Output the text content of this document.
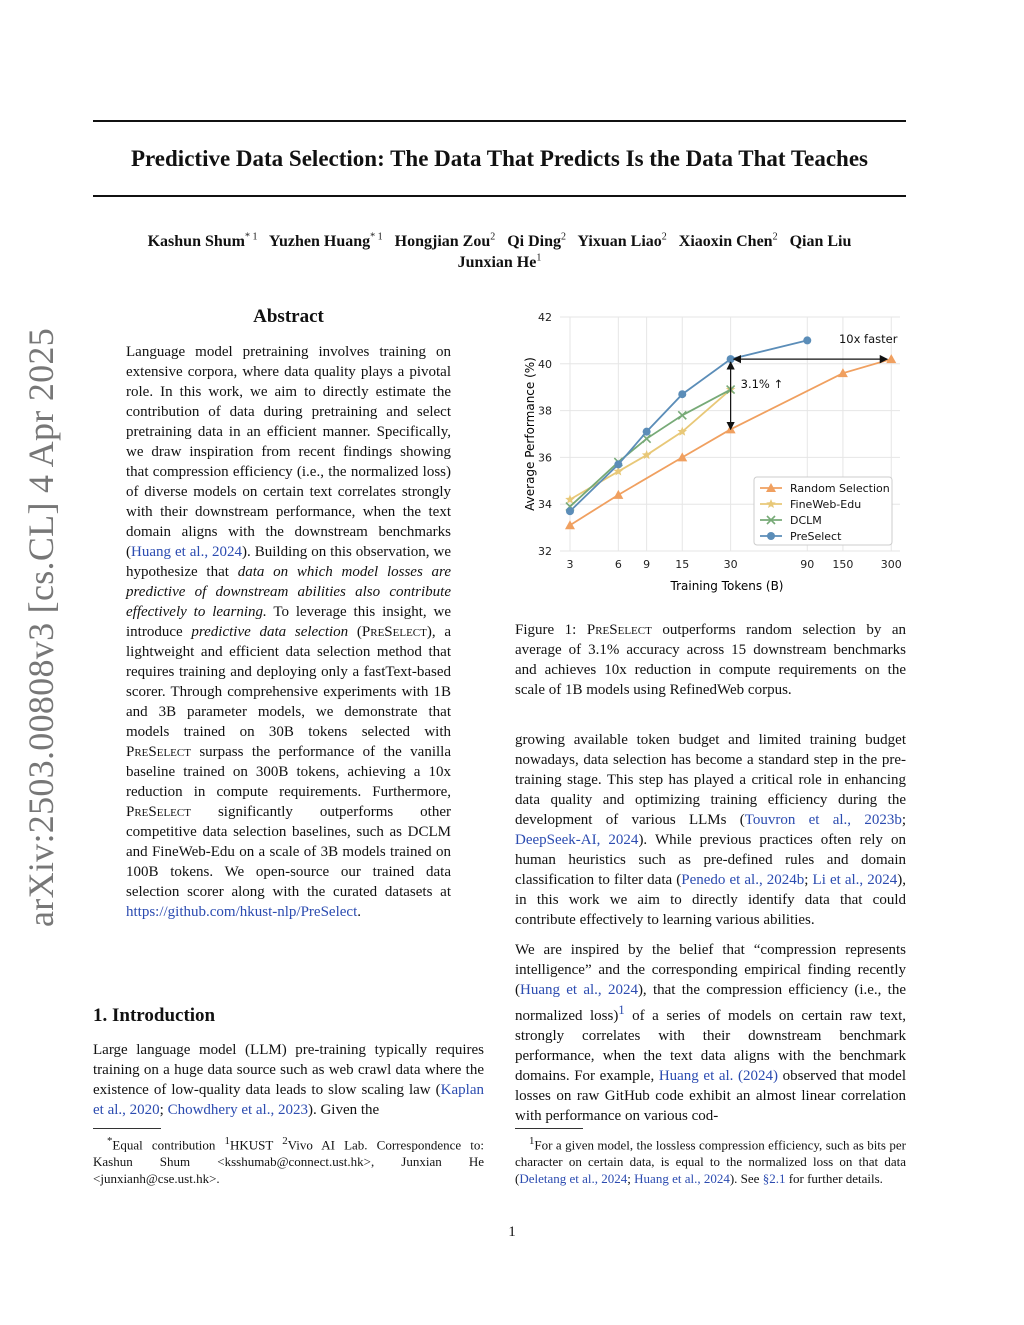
arXiv:2503.00808v3 [cs.CL] 4 Apr 2025
Predictive Data Selection: The Data That Predicts Is the Data That Teaches
Kashun Shum$^{* 1}$ Yuzhen Huang$^{* 1}$ Hongjian Zou$^2$ Qi Ding$^2$ Yixuan Liao$^2$ Xiaoxin Chen$^2$ Qian Liu
Junxian He$^1$
Abstract

Language model pretraining involves training on extensive corpora, where data quality plays a pivotal role. In this work, we aim to directly estimate the contribution of data during pretraining and select pretraining data in an efficient manner. Specifically, we draw inspiration from recent findings showing that compression efficiency (i.e., the normalized loss) of diverse models on certain text correlates strongly with their downstream performance, when the text domain aligns with the downstream benchmarks (Huang et al., 2024). Building on this observation, we hypothesize that data on which model losses are predictive of downstream abilities also contribute effectively to learning. To leverage this insight, we introduce predictive data selection (PreSelect), a lightweight and efficient data selection method that requires training and deploying only a fastText-based scorer. Through comprehensive experiments with 1B and 3B parameter models, we demonstrate that models trained on 30B tokens selected with PreSelect surpass the performance of the vanilla baseline trained on 300B tokens, achieving a 10x reduction in compute requirements. Furthermore, PreSelect significantly outperforms other competitive data selection baselines, such as DCLM and FineWeb-Edu on a scale of 3B models trained on 100B tokens. We open-source our trained data selection scorer along with the curated datasets at https://github.com/hkust-nlp/PreSelect.

1. Introduction

Large language model (LLM) pre-training typically requires training on a huge data source such as web crawl data where the existence of low-quality data leads to slow scaling law (Kaplan et al., 2020; Chowdhery et al., 2023). Given the

*Equal contribution $^1$HKUST $^2$Vivo AI Lab. Correspondence to: Kashun Shum <ksshumab@connect.ust.hk>, Junxian He <junxianh@cse.ust.hk>.

3.1% ↑
10x faster
Random Selection
FineWeb-Edu
DCLM
PreSelect
32
34
36
38
40
42
3	6 9 15	30	90 150 300
Training Tokens (B)
Average Performance (%)

Figure 1: PreSelect outperforms random selection by an average of 3.1% accuracy across 15 downstream benchmarks and achieves 10x reduction in compute requirements on the scale of 1B models using RefinedWeb corpus.

growing available token budget and limited training budget nowadays, data selection has become a standard step in the pre-training stage. This step has played a critical role in enhancing data quality and optimizing training efficiency during the development of various LLMs (Touvron et al., 2023b; DeepSeek-AI, 2024). While previous practices often rely on human heuristics such as pre-defined rules and domain classification to filter data (Penedo et al., 2024b; Li et al., 2024), in this work we aim to directly identify data that could contribute effectively to learning various abilities.

We are inspired by the belief that “compression represents intelligence” and the corresponding empirical finding recently (Huang et al., 2024), that the compression efficiency (i.e., the normalized loss)$^1$ of a series of models on certain raw text, strongly correlates with their downstream benchmark performance, when the text data aligns with the benchmark domains. For example, Huang et al. (2024) observed that model losses on raw GitHub code exhibit an almost linear correlation with performance on various cod-

$^1$For a given model, the lossless compression efficiency, such as bits per character on certain data, is equal to the normalized loss on that data (Deletang et al., 2024; Huang et al., 2024). See §2.1 for further details.

1
